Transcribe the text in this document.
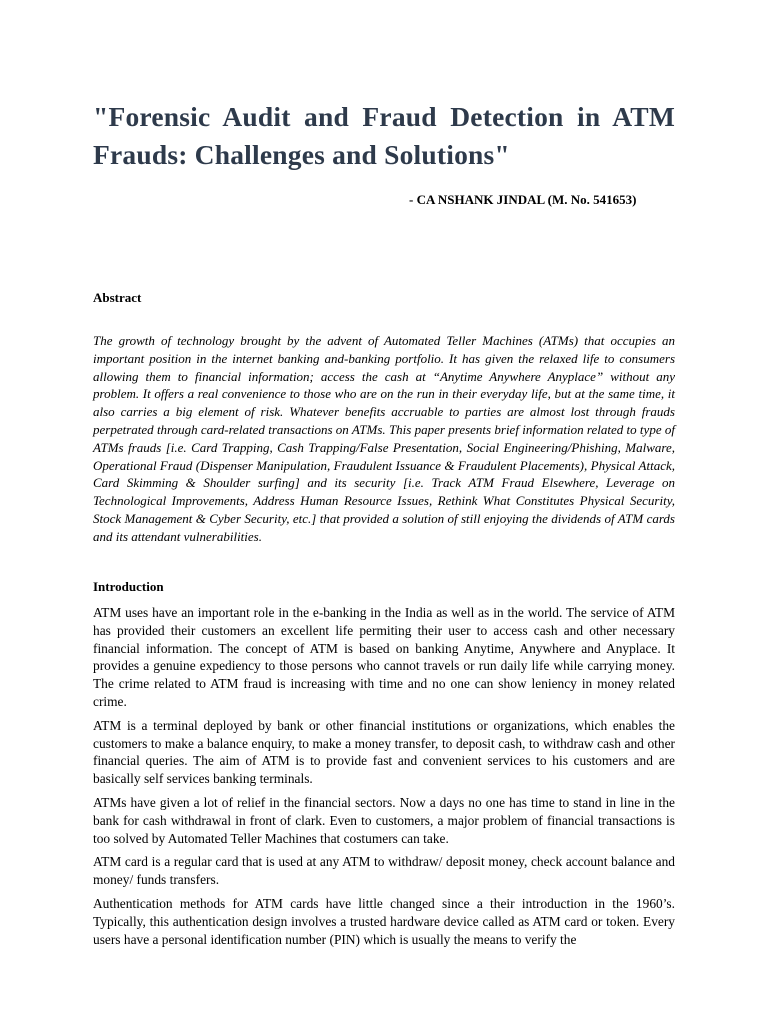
"Forensic Audit and Fraud Detection in ATM Frauds: Challenges and Solutions"
- CA NSHANK JINDAL (M. No. 541653)
Abstract

The growth of technology brought by the advent of Automated Teller Machines (ATMs) that occupies an important position in the internet banking and-banking portfolio. It has given the relaxed life to consumers allowing them to financial information; access the cash at “Anytime Anywhere Anyplace” without any problem. It offers a real convenience to those who are on the run in their everyday life, but at the same time, it also carries a big element of risk. Whatever benefits accruable to parties are almost lost through frauds perpetrated through card-related transactions on ATMs. This paper presents brief information related to type of ATMs frauds [i.e. Card Trapping, Cash Trapping/False Presentation, Social Engineering/Phishing, Malware, Operational Fraud (Dispenser Manipulation, Fraudulent Issuance & Fraudulent Placements), Physical Attack, Card Skimming & Shoulder surfing] and its security [i.e. Track ATM Fraud Elsewhere, Leverage on Technological Improvements, Address Human Resource Issues, Rethink What Constitutes Physical Security, Stock Management & Cyber Security, etc.] that provided a solution of still enjoying the dividends of ATM cards and its attendant vulnerabilities.

Introduction

ATM uses have an important role in the e-banking in the India as well as in the world. The service of ATM has provided their customers an excellent life permiting their user to access cash and other necessary financial information. The concept of ATM is based on banking Anytime, Anywhere and Anyplace. It provides a genuine expediency to those persons who cannot travels or run daily life while carrying money. The crime related to ATM fraud is increasing with time and no one can show leniency in money related crime.

ATM is a terminal deployed by bank or other financial institutions or organizations, which enables the customers to make a balance enquiry, to make a money transfer, to deposit cash, to withdraw cash and other financial queries. The aim of ATM is to provide fast and convenient services to his customers and are basically self services banking terminals.

ATMs have given a lot of relief in the financial sectors. Now a days no one has time to stand in line in the bank for cash withdrawal in front of clark. Even to customers, a major problem of financial transactions is too solved by Automated Teller Machines that costumers can take.

ATM card is a regular card that is used at any ATM to withdraw/ deposit money, check account balance and money/ funds transfers.

Authentication methods for ATM cards have little changed since a their introduction in the 1960’s. Typically, this authentication design involves a trusted hardware device called as ATM card or token. Every users have a personal identification number (PIN) which is usually the means to verify the
